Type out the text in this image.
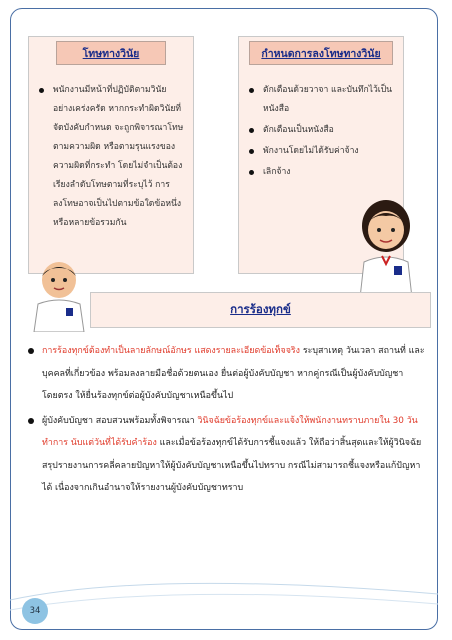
โทษทางวินัย
พนักงานมีหน้าที่ปฏิบัติตามวินัยอย่างเคร่งครัด หากกระทำผิดวินัยที่จัดบังคับกำหนด จะถูกพิจารณาโทษตามความผิด หรือตามรุนแรงของความผิดที่กระทำ โดยไม่จำเป็นต้องเรียงลำดับโทษตามที่ระบุไว้ การลงโทษอาจเป็นไปตามข้อใดข้อหนึ่งหรือหลายข้อรวมกัน
กำหนดการลงโทษทางวินัย
ตักเตือนด้วยวาจา และบันทึกไว้เป็นหนังสือ
ตักเตือนเป็นหนังสือ
พักงานโดยไม่ได้รับค่าจ้าง
เลิกจ้าง
การร้องทุกข์
การร้องทุกข์ต้องทำเป็นลายลักษณ์อักษร แสดงรายละเอียดข้อเท็จจริง ระบุสาเหตุ วันเวลา สถานที่ และบุคคลที่เกี่ยวข้อง พร้อมลงลายมือชื่อด้วยตนเอง ยื่นต่อผู้บังคับบัญชา หากคู่กรณีเป็นผู้บังคับบัญชาโดยตรง ให้ยื่นร้องทุกข์ต่อผู้บังคับบัญชาเหนือขึ้นไป
ผู้บังคับบัญชา สอบสวนพร้อมทั้งพิจารณา วินิจฉัยข้อร้องทุกข์และแจ้งให้พนักงานทราบภายใน 30 วันทำการ นับแต่วันที่ได้รับคำร้อง และเมื่อข้อร้องทุกข์ได้รับการชี้แจงแล้ว ให้ถือว่าสิ้นสุดและให้ผู้วินิจฉัยสรุปรายงานการคลี่คลายปัญหาให้ผู้บังคับบัญชาเหนือขึ้นไปทราบ กรณีไม่สามารถชี้แจงหรือแก้ปัญหาได้ เนื่องจากเกินอำนาจให้รายงานผู้บังคับบัญชาทราบ
34
